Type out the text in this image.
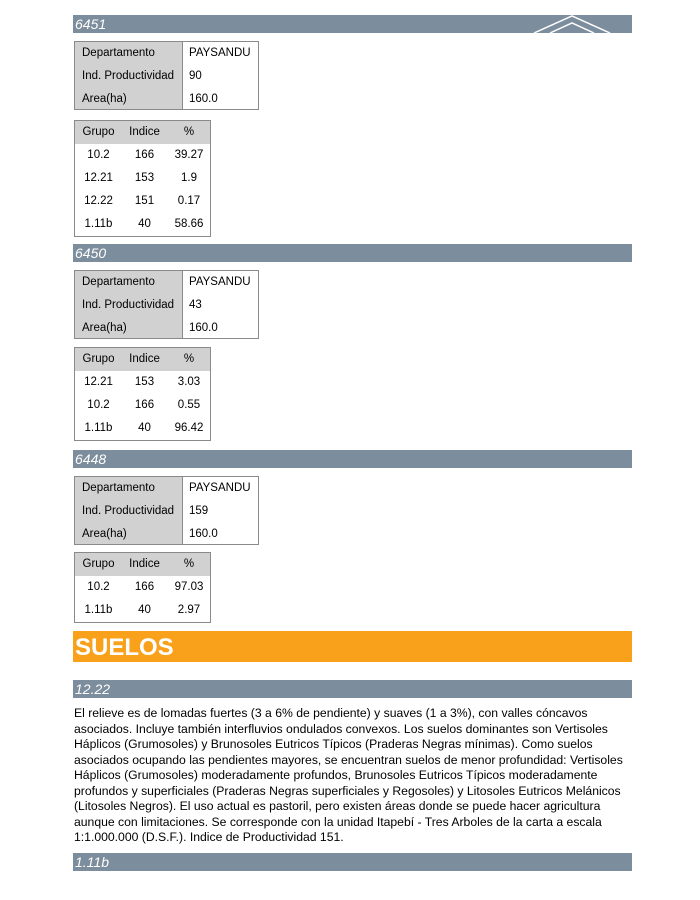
6451
Departamento	PAYSANDU
Ind. Productividad 90
Area(ha)	160.0
Grupo	Indice	%
10.2	166	39.27
12.21	153	1.9
12.22	151	0.17
1.11b	40	58.66
6450
Departamento	PAYSANDU
Ind. Productividad 43
Area(ha)	160.0
Grupo	Indice	%
12.21	153	3.03
10.2	166	0.55
1.11b	40	96.42
6448
Departamento	PAYSANDU
Ind. Productividad 159
Area(ha)	160.0
Grupo	Indice	%
10.2	166	97.03
1.11b	40	2.97
SUELOS
12.22

El relieve es de lomadas fuertes (3 a 6% de pendiente) y suaves (1 a 3%), con valles cóncavos asociados. Incluye también interfluvios ondulados convexos. Los suelos dominantes son Vertisoles Háplicos (Grumosoles) y Brunosoles Eutricos Típicos (Praderas Negras mínimas). Como suelos asociados ocupando las pendientes mayores, se encuentran suelos de menor profundidad: Vertisoles Háplicos (Grumosoles) moderadamente profundos, Brunosoles Eutricos Típicos moderadamente profundos y superficiales (Praderas Negras superficiales y Regosoles) y Litosoles Eutricos Melánicos (Litosoles Negros). El uso actual es pastoril, pero existen áreas donde se puede hacer agricultura aunque con limitaciones. Se corresponde con la unidad Itapebí - Tres Arboles de la carta a escala 1:1.000.000 (D.S.F.). Indice de Productividad 151.

1.11b
